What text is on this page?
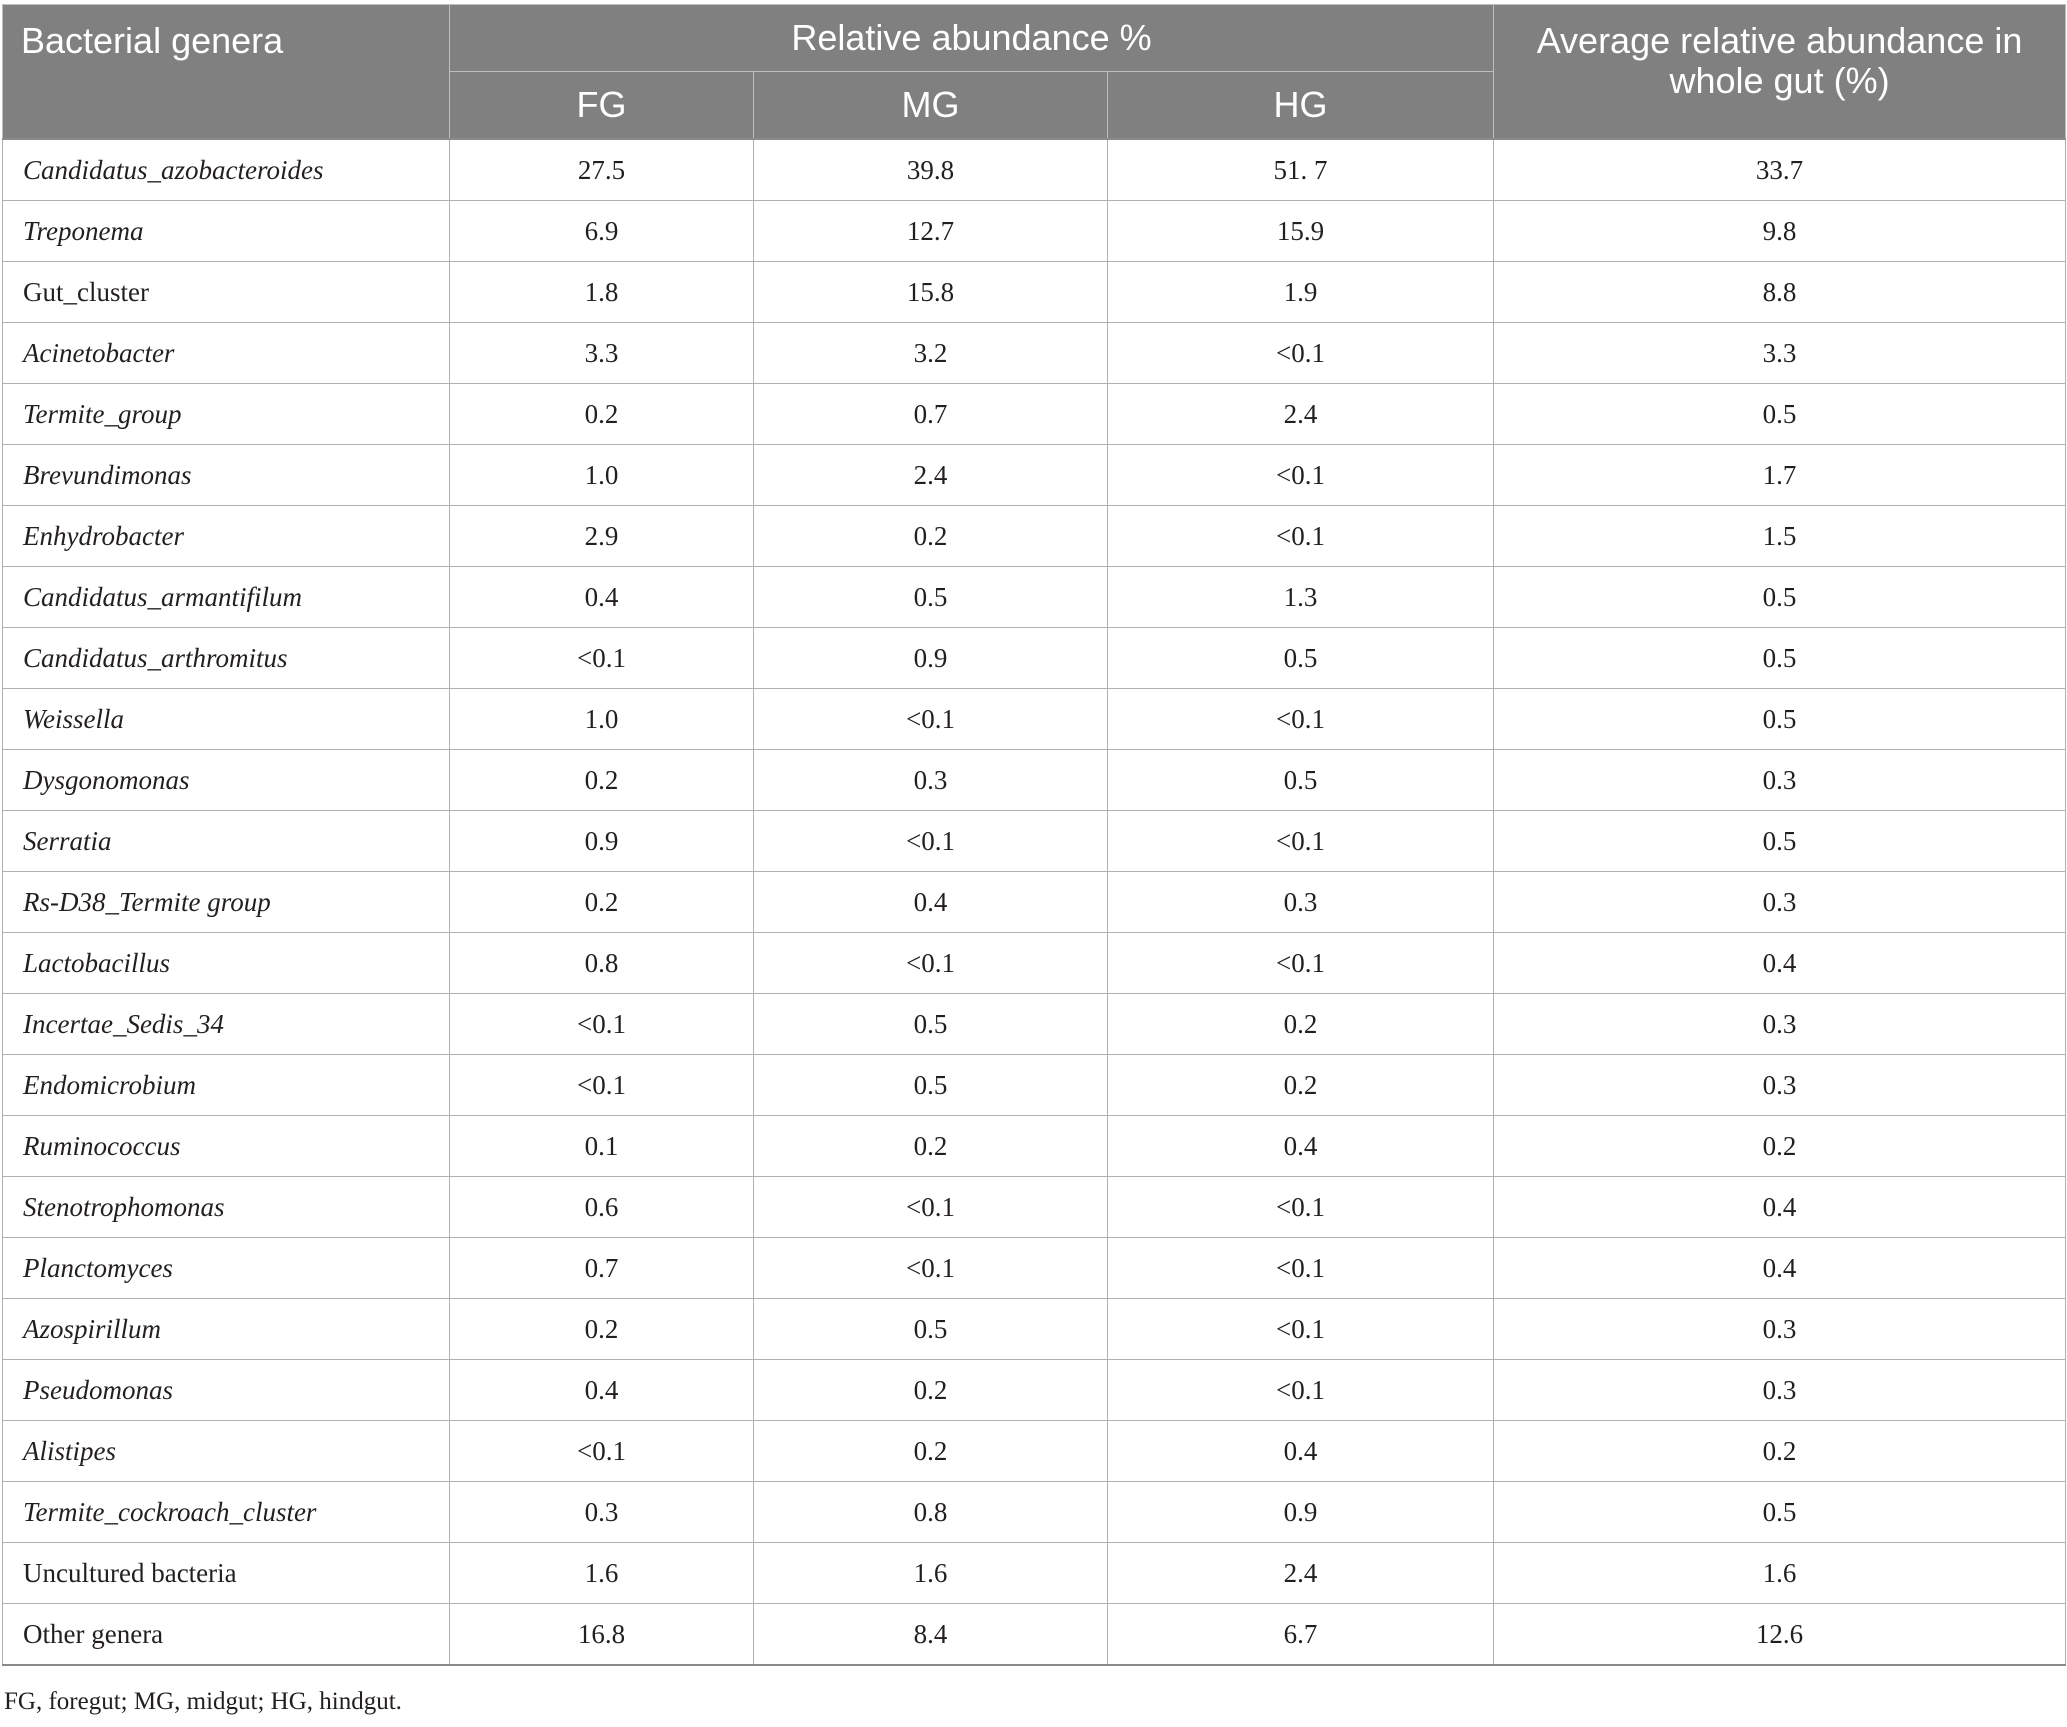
Bacterial genera	Relative abundance %			Average relative abundance in whole gut (%)
	FG	MG	HG	
Candidatus_azobacteroides	27.5	39.8	51. 7	33.7
Treponema	6.9	12.7	15.9	9.8
Gut_cluster	1.8	15.8	1.9	8.8
Acinetobacter	3.3	3.2	<0.1	3.3
Termite_group	0.2	0.7	2.4	0.5
Brevundimonas	1.0	2.4	<0.1	1.7
Enhydrobacter	2.9	0.2	<0.1	1.5
Candidatus_armantifilum	0.4	0.5	1.3	0.5
Candidatus_arthromitus	<0.1	0.9	0.5	0.5
Weissella	1.0	<0.1	<0.1	0.5
Dysgonomonas	0.2	0.3	0.5	0.3
Serratia	0.9	<0.1	<0.1	0.5
Rs-D38_Termite group	0.2	0.4	0.3	0.3
Lactobacillus	0.8	<0.1	<0.1	0.4
Incertae_Sedis_34	<0.1	0.5	0.2	0.3
Endomicrobium	<0.1	0.5	0.2	0.3
Ruminococcus	0.1	0.2	0.4	0.2
Stenotrophomonas	0.6	<0.1	<0.1	0.4
Planctomyces	0.7	<0.1	<0.1	0.4
Azospirillum	0.2	0.5	<0.1	0.3
Pseudomonas	0.4	0.2	<0.1	0.3
Alistipes	<0.1	0.2	0.4	0.2
Termite_cockroach_cluster	0.3	0.8	0.9	0.5
Uncultured bacteria	1.6	1.6	2.4	1.6
Other genera	16.8	8.4	6.7	12.6
FG, foregut; MG, midgut; HG, hindgut.
